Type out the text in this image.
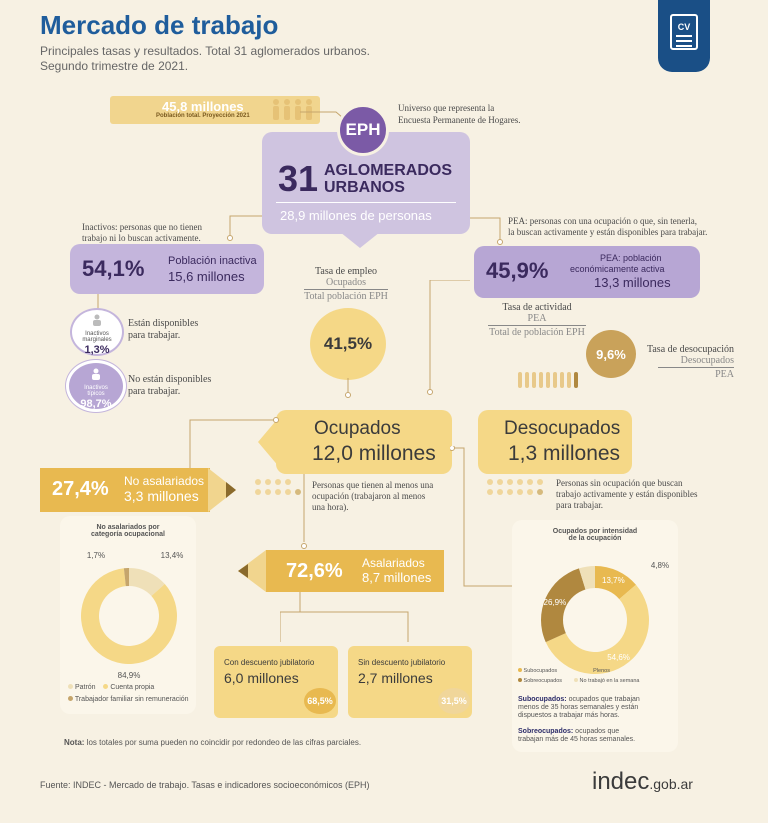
Mercado de trabajo
Principales tasas y resultados. Total 31 aglomerados urbanos.
Segundo trimestre de 2021.
CV
45,8 millones
Población total. Proyección 2021
31 AGLOMERADOS
URBANOS
28,9 millones de personas
EPH
Universo que representa la
Encuesta Permanente de Hogares.
Inactivos: personas que no tienen
trabajo ni lo buscan activamente.
54,1% Población inactiva
15,6 millones
Inactivos
marginales
1,3%
Están disponibles
para trabajar.
Inactivos
típicos
98,7%
No están disponibles
para trabajar.
PEA: personas con una ocupación o que, sin tenerla,
la buscan activamente y están disponibles para trabajar.
45,9%	PEA: población
económicamente activa
13,3 millones
Tasa de actividad
PEA
Total de población EPH
Tasa de empleo
Ocupados
Total población EPH
41,5%
9,6%	Tasa de desocupación
Desocupados
PEA
Ocupados
12,0 millones
Desocupados
1,3 millones
Personas que tienen al menos una
ocupación (trabajaron al menos
una hora).
Personas sin ocupación que buscan
trabajo activamente y están disponibles
para trabajar.
27,4% No asalariados
3,3 millones
No asalariados por
categoría ocupacional
13,4%
84,9%
1,7%
Patrón Cuenta propia
Trabajador familiar sin remuneración
72,6% Asalariados
8,7 millones
Con descuento jubilatorio
6,0 millones
68,5%
Sin descuento jubilatorio
2,7 millones
31,5%
Ocupados por intensidad
de la ocupación
13,7%
54,6%
26,9%
4,8%
Subocupados	Plenos
Sobreocupados	No trabajó en la semana
Subocupados: ocupados que trabajan
menos de 35 horas semanales y están
dispuestos a trabajar más horas.
Sobreocupados: ocupados que
trabajan más de 45 horas semanales.
Nota: los totales por suma pueden no coincidir por redondeo de las cifras parciales.
Fuente: INDEC - Mercado de trabajo. Tasas e indicadores socioeconómicos (EPH)	indec.gob.ar
